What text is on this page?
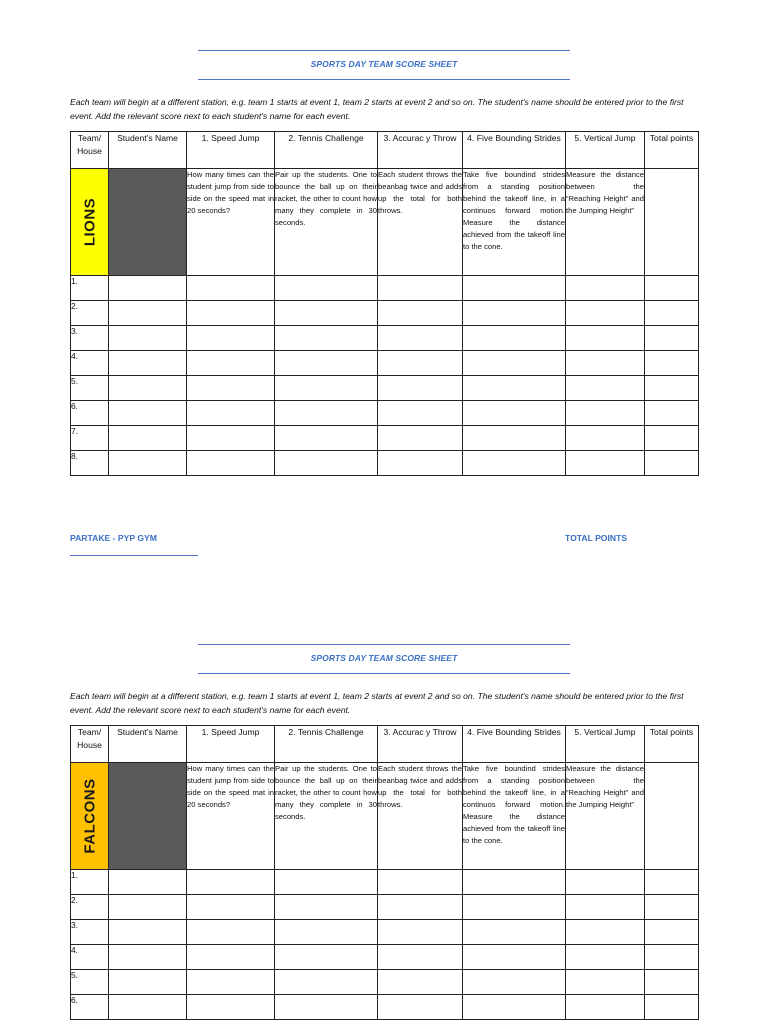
SPORTS DAY TEAM SCORE SHEET
Each team will begin at a different station, e.g. team 1 starts at event 1, team 2 starts at event 2 and so on. The student's name should be entered prior to the first event. Add the relevant score next to each student's name for each event.
Team/ House	Student's Name	1. Speed Jump	2. Tennis Challenge	3. Accurac y Throw	4. Five Bounding Strides	5. Vertical Jump	Total points

LIONS		How many times can the student jump from side to side on the speed mat in 20 seconds?	Pair up the students. One to bounce the ball up on their racket, the other to count how many they complete in 30 seconds.	Each student throws the beanbag twice and adds up the total for both throws.	Take five boundind strides from a standing position behind the takeoff line, in a continuos forward motion. Measure the distance achieved from the takeoff line to the cone.	Measure the distance between the “Reaching Height” and the Jumping Height”	
1.							
2.							
3.							
4.							
5.							
6.							
7.							
8.							
PARTAKE - PYP GYM	TOTAL POINTS
SPORTS DAY TEAM SCORE SHEET
Each team will begin at a different station, e.g. team 1 starts at event 1, team 2 starts at event 2 and so on. The student's name should be entered prior to the first event. Add the relevant score next to each student's name for each event.
Team/ House	Student's Name	1. Speed Jump	2. Tennis Challenge	3. Accurac y Throw	4. Five Bounding Strides	5. Vertical Jump	Total points

FALCONS		How many times can the student jump from side to side on the speed mat in 20 seconds?	Pair up the students. One to bounce the ball up on their racket, the other to count how many they complete in 30 seconds.	Each student throws the beanbag twice and adds up the total for both throws.	Take five boundind strides from a standing position behind the takeoff line, in a continuos forward motion. Measure the distance achieved from the takeoff line to the cone.	Measure the distance between the “Reaching Height” and the Jumping Height”	
1.							
2.							
3.							
4.							
5.							
6.							
